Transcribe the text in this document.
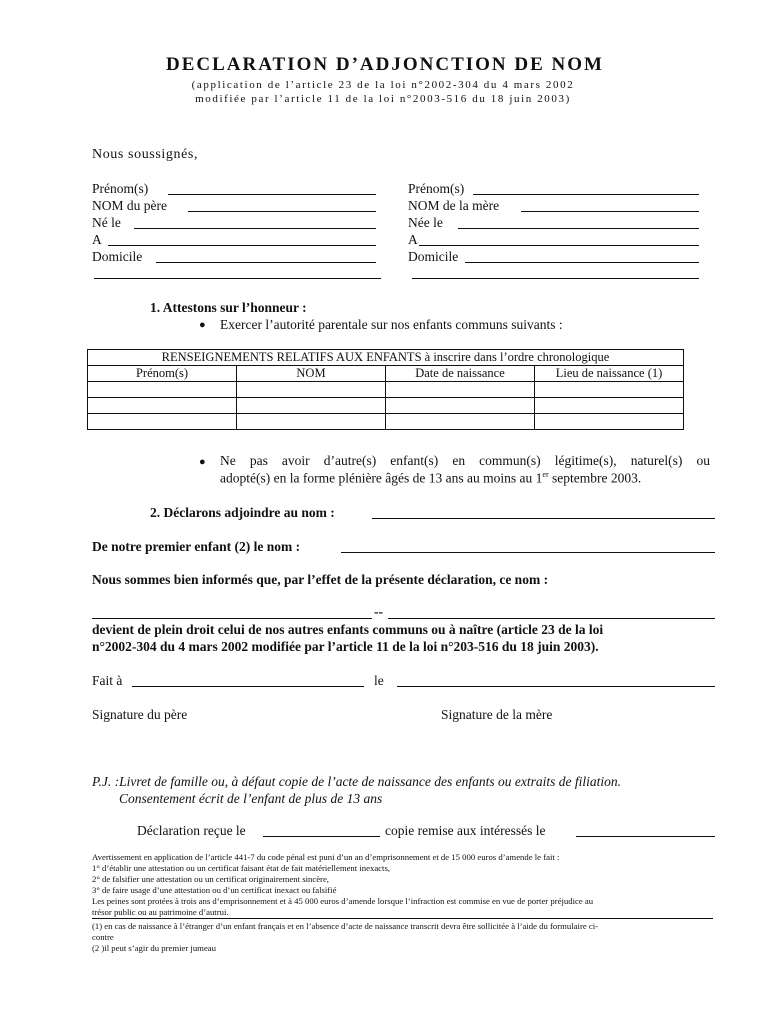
DECLARATION D’ADJONCTION DE NOM
(application de l’article 23 de la loi n°2002-304 du 4 mars 2002
modifiée par l’article 11 de la loi n°2003-516 du 18 juin 2003)
Nous soussignés,
Prénom(s)
NOM du père
Né le
A
Domicile
Prénom(s)
NOM de la mère
Née le
A
Domicile
1. Attestons sur l’honneur :
● Exercer l’autorité parentale sur nos enfants communs suivants :
RENSEIGNEMENTS RELATIFS AUX ENFANTS à inscrire dans l’ordre chronologique			
Prénom(s)	NOM	Date de naissance	Lieu de naissance (1)

● Ne pas avoir d’autre(s) enfant(s) en commun(s) légitime(s), naturel(s) ou
adopté(s) en la forme plénière âgés de 13 ans au moins au 1er septembre 2003.
2. Déclarons adjoindre au nom :
De notre premier enfant (2) le nom :
Nous sommes bien informés que, par l’effet de la présente déclaration, ce nom :
--
devient de plein droit celui de nos autres enfants communs ou à naître (article 23 de la loi
n°2002-304 du 4 mars 2002 modifiée par l’article 11 de la loi n°203-516 du 18 juin 2003).
Fait à	le
Signature du père	Signature de la mère
P.J. :Livret de famille ou, à défaut copie de l’acte de naissance des enfants ou extraits de filiation.
Consentement écrit de l’enfant de plus de 13 ans
Déclaration reçue le	copie remise aux intéressés le
Avertissement en application de l’article 441-7 du code pénal est puni d’un an d’emprisonnement et de 15 000 euros d’amende le fait :
1° d’établir une attestation ou un certificat faisant état de fait matériellement inexacts,
2° de falsifier une attestation ou un certificat originairement sincère,
3° de faire usage d’une attestation ou d’un certificat inexact ou falsifié
Les peines sont protées à trois ans d’emprisonnement et à 45 000 euros d’amende lorsque l’infraction est commise en vue de porter préjudice au
trésor public ou au patrimoine d’autrui.
(1) en cas de naissance à l’étranger d’un enfant français et en l’absence d’acte de naissance transcrit devra être sollicitée à l’aide du formulaire ci-
contre
(2 )il peut s’agir du premier jumeau
